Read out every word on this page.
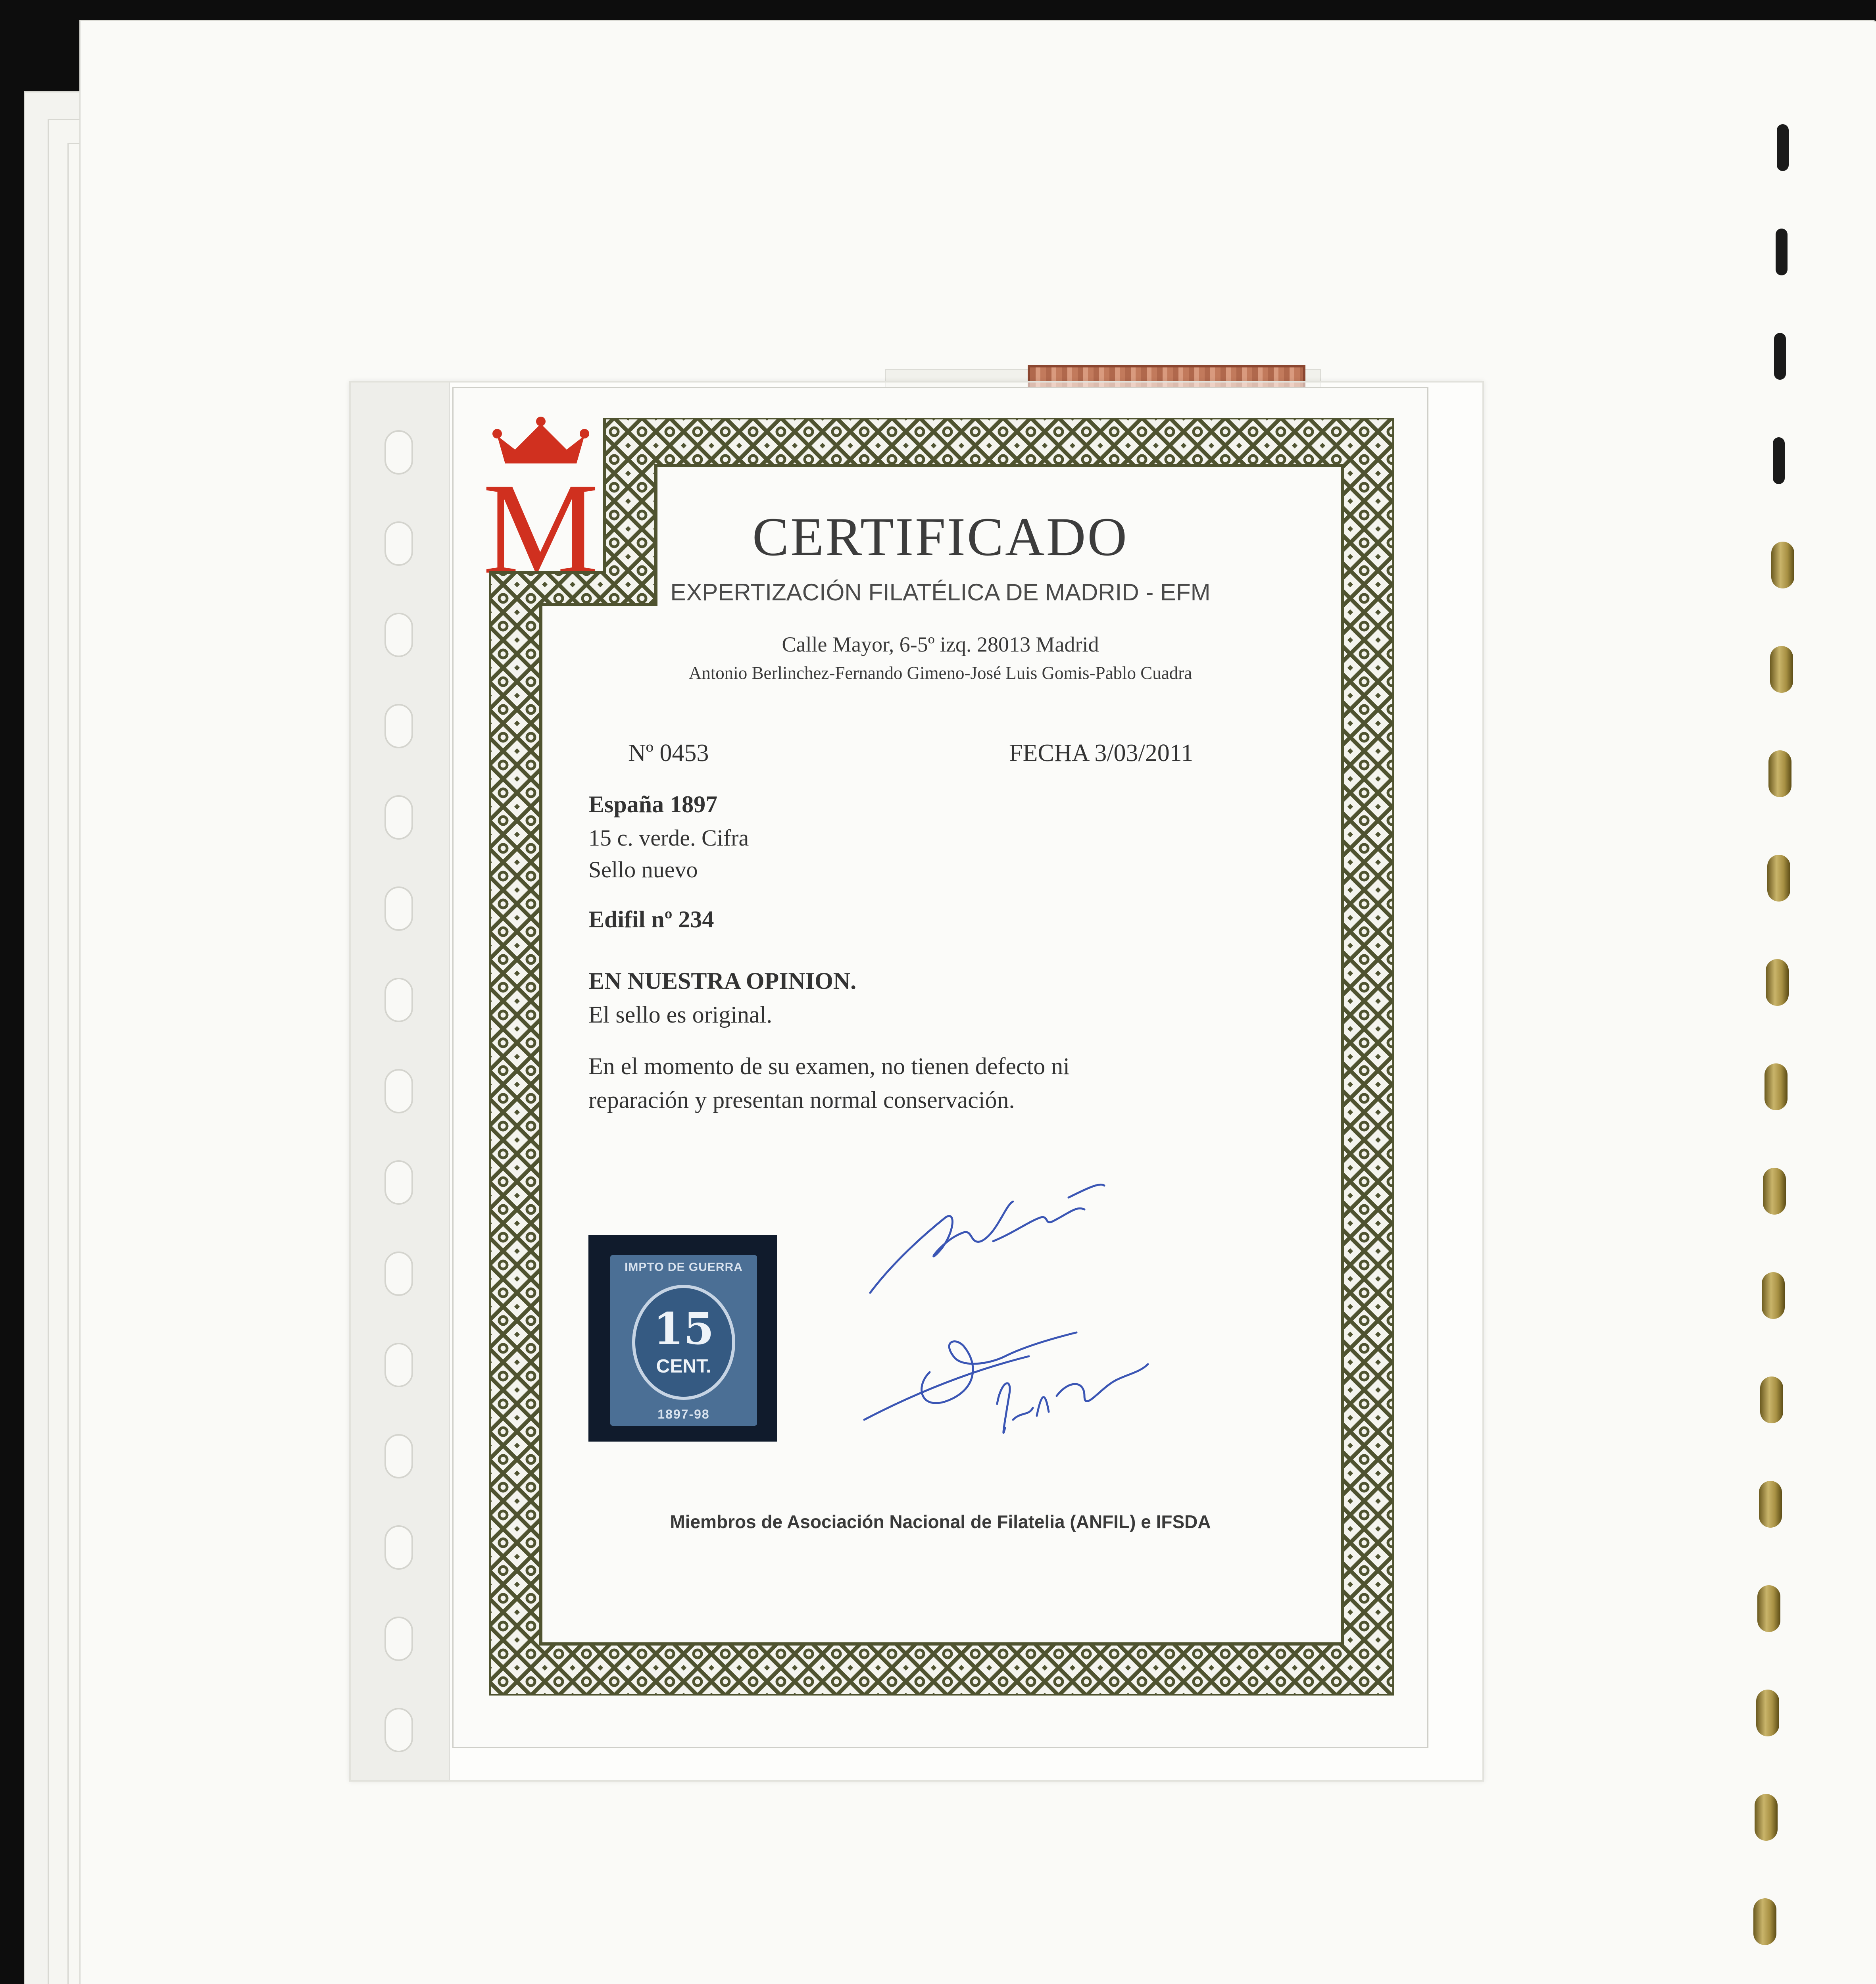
M	CERTIFICADO
EXPERTIZACIÓN FILATÉLICA DE MADRID - EFM
Calle Mayor, 6-5º izq. 28013 Madrid
Antonio Berlinchez-Fernando Gimeno-José Luis Gomis-Pablo Cuadra
Nº 0453	FECHA 3/03/2011
España 1897
15 c. verde. Cifra
Sello nuevo
Edifil nº 234
EN NUESTRA OPINION.
El sello es original.
En el momento de su examen, no tienen defecto ni
reparación y presentan normal conservación.
IMPTO DE GUERRA
15
CENT.
1897-98
Miembros de Asociación Nacional de Filatelia (ANFIL) e IFSDA
